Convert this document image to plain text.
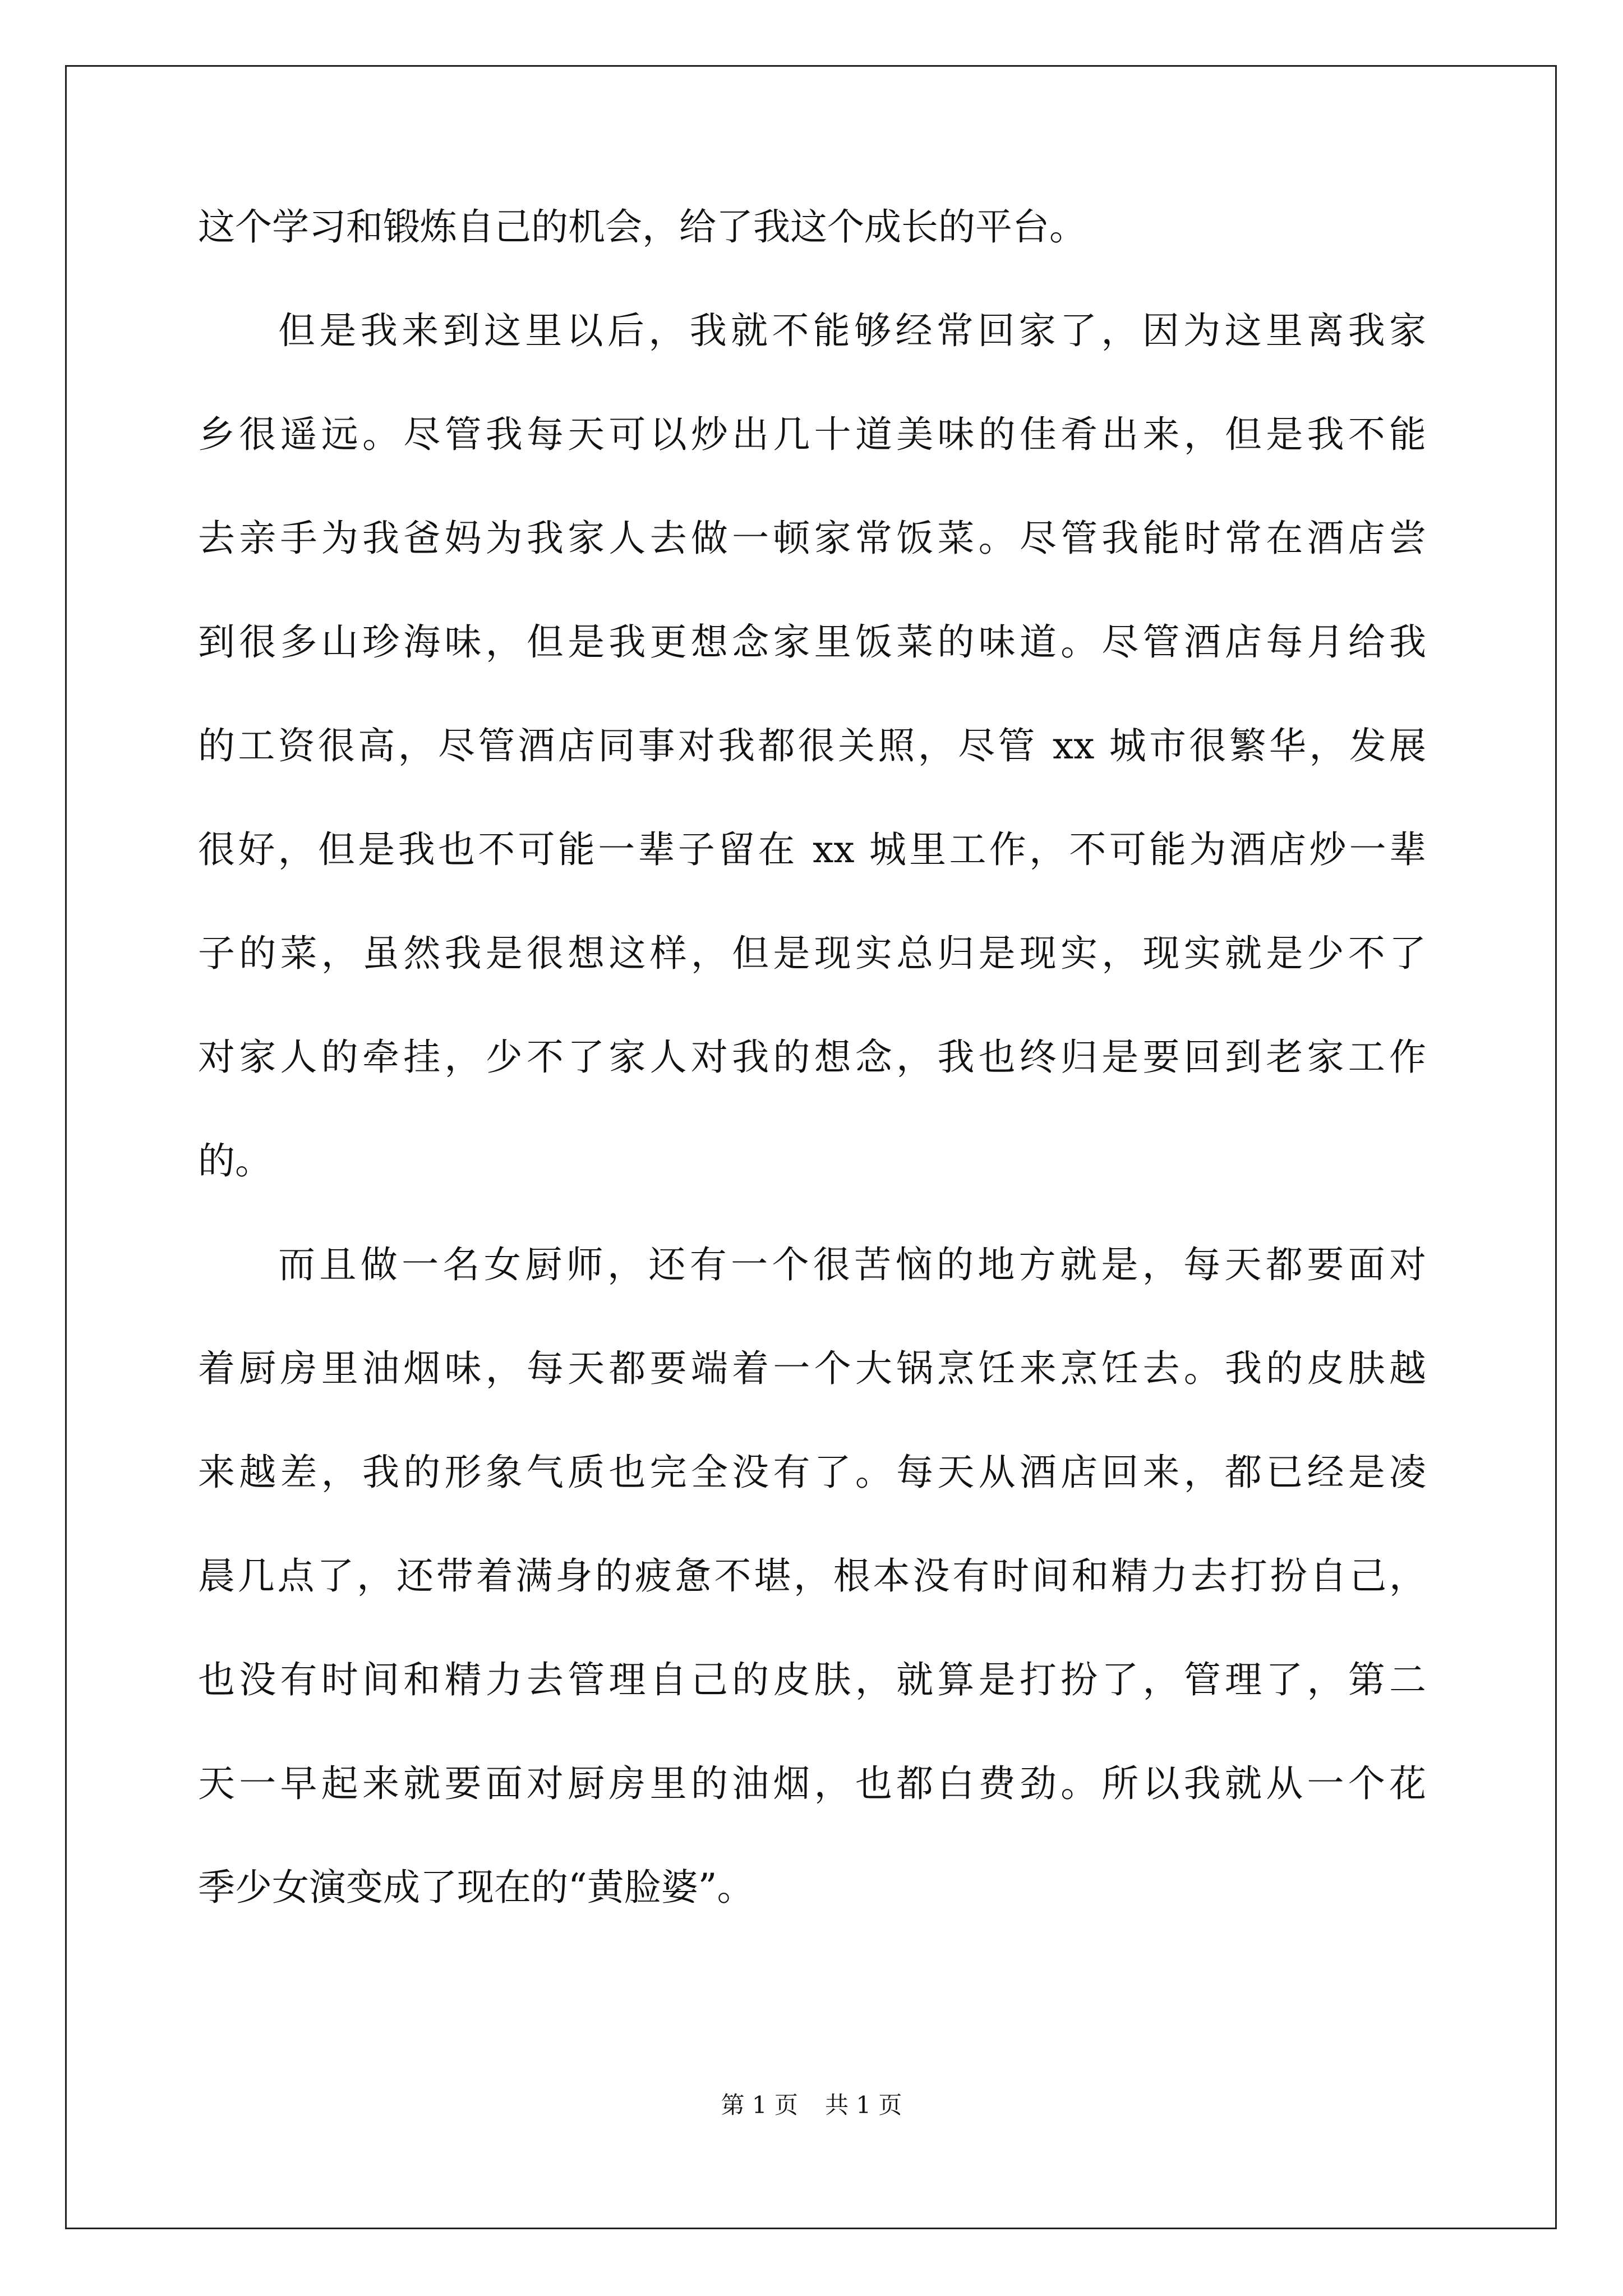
这个学习和锻炼自己的机会，给了我这个成长的平台。
但是我来到这里以后，我就不能够经常回家了，因为这里离我家
乡很遥远。尽管我每天可以炒出几十道美味的佳肴出来，但是我不能
去亲手为我爸妈为我家人去做一顿家常饭菜。尽管我能时常在酒店尝
到很多山珍海味，但是我更想念家里饭菜的味道。尽管酒店每月给我
的工资很高，尽管酒店同事对我都很关照，尽管 xx 城市很繁华，发展
很好，但是我也不可能一辈子留在 xx 城里工作，不可能为酒店炒一辈
子的菜，虽然我是很想这样，但是现实总归是现实，现实就是少不了
对家人的牵挂，少不了家人对我的想念，我也终归是要回到老家工作
的。
而且做一名女厨师，还有一个很苦恼的地方就是，每天都要面对
着厨房里油烟味，每天都要端着一个大锅烹饪来烹饪去。我的皮肤越
来越差，我的形象气质也完全没有了。每天从酒店回来，都已经是凌
晨几点了，还带着满身的疲惫不堪，根本没有时间和精力去打扮自己，
也没有时间和精力去管理自己的皮肤，就算是打扮了，管理了，第二
天一早起来就要面对厨房里的油烟，也都白费劲。所以我就从一个花
季少女演变成了现在的“黄脸婆”。
第 1 页 共 1 页
